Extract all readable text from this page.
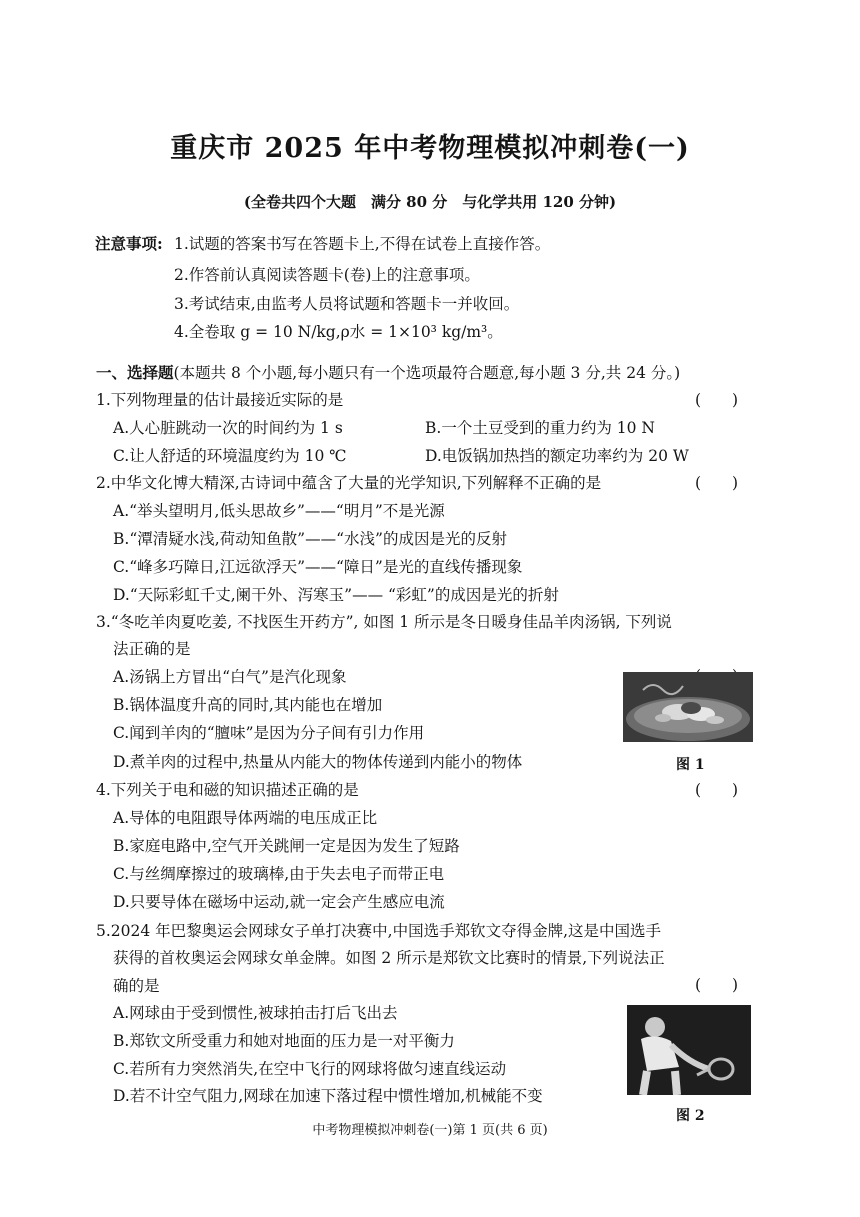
重庆市 2025 年中考物理模拟冲刺卷(一)
(全卷共四个大题　满分 80 分　与化学共用 120 分钟)
注意事项: 1.试题的答案书写在答题卡上,不得在试卷上直接作答。
2.作答前认真阅读答题卡(卷)上的注意事项。
3.考试结束,由监考人员将试题和答题卡一并收回。
4.全卷取 g = 10 N/kg,ρ水 = 1×10³ kg/m³。
一、选择题(本题共 8 个小题,每小题只有一个选项最符合题意,每小题 3 分,共 24 分。)
1.下列物理量的估计最接近实际的是	(　　)
A.人心脏跳动一次的时间约为 1 s	B.一个土豆受到的重力约为 10 N
C.让人舒适的环境温度约为 10 ℃	D.电饭锅加热挡的额定功率约为 20 W
2.中华文化博大精深,古诗词中蕴含了大量的光学知识,下列解释不正确的是	(　　)
A.“举头望明月,低头思故乡”——“明月”不是光源
B.“潭清疑水浅,荷动知鱼散”——“水浅”的成因是光的反射
C.“峰多巧障日,江远欲浮天”——“障日”是光的直线传播现象
D.“天际彩虹千丈,阑干外、泻寒玉”—— “彩虹”的成因是光的折射
3.“冬吃羊肉夏吃姜, 不找医生开药方”, 如图 1 所示是冬日暖身佳品羊肉汤锅, 下列说
法正确的是
A.汤锅上方冒出“白气”是汽化现象
B.锅体温度升高的同时,其内能也在增加
C.闻到羊肉的“膻味”是因为分子间有引力作用
D.煮羊肉的过程中,热量从内能大的物体传递到内能小的物体	图 1
4.下列关于电和磁的知识描述正确的是	(　　)
A.导体的电阻跟导体两端的电压成正比
B.家庭电路中,空气开关跳闸一定是因为发生了短路
C.与丝绸摩擦过的玻璃棒,由于失去电子而带正电
D.只要导体在磁场中运动,就一定会产生感应电流
5.2024 年巴黎奥运会网球女子单打决赛中,中国选手郑钦文夺得金牌,这是中国选手
获得的首枚奥运会网球女单金牌。如图 2 所示是郑钦文比赛时的情景,下列说法正
确的是	(　　)
A.网球由于受到惯性,被球拍击打后飞出去
B.郑钦文所受重力和她对地面的压力是一对平衡力
C.若所有力突然消失,在空中飞行的网球将做匀速直线运动
D.若不计空气阻力,网球在加速下落过程中惯性增加,机械能不变
图 2
中考物理模拟冲刺卷(一)第 1 页(共 6 页)
